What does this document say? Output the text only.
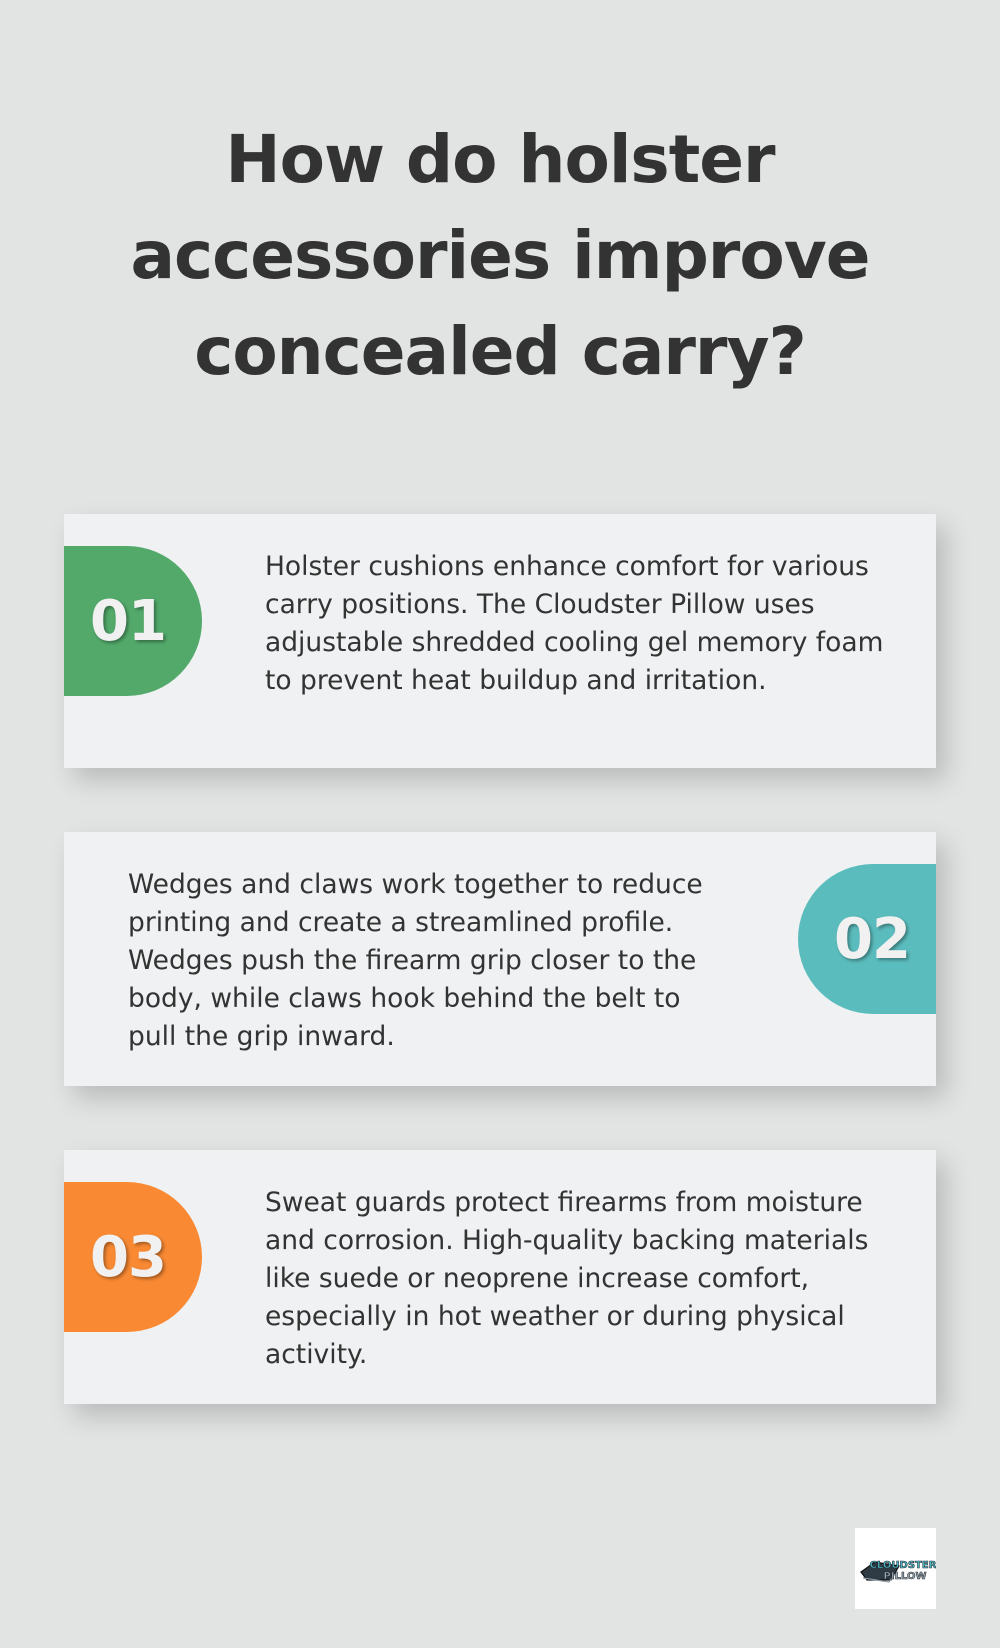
How do holster
accessories improve
concealed carry?
01

Holster cushions enhance comfort for various carry positions. The Cloudster Pillow uses adjustable shredded cooling gel memory foam to prevent heat buildup and irritation.

Wedges and claws work together to reduce printing and create a streamlined profile. Wedges push the firearm grip closer to the body, while claws hook behind the belt to pull the grip inward.

02
03

Sweat guards protect firearms from moisture and corrosion. High-quality backing materials like suede or neoprene increase comfort, especially in hot weather or during physical activity.

CLOUDSTER
PILLOW
